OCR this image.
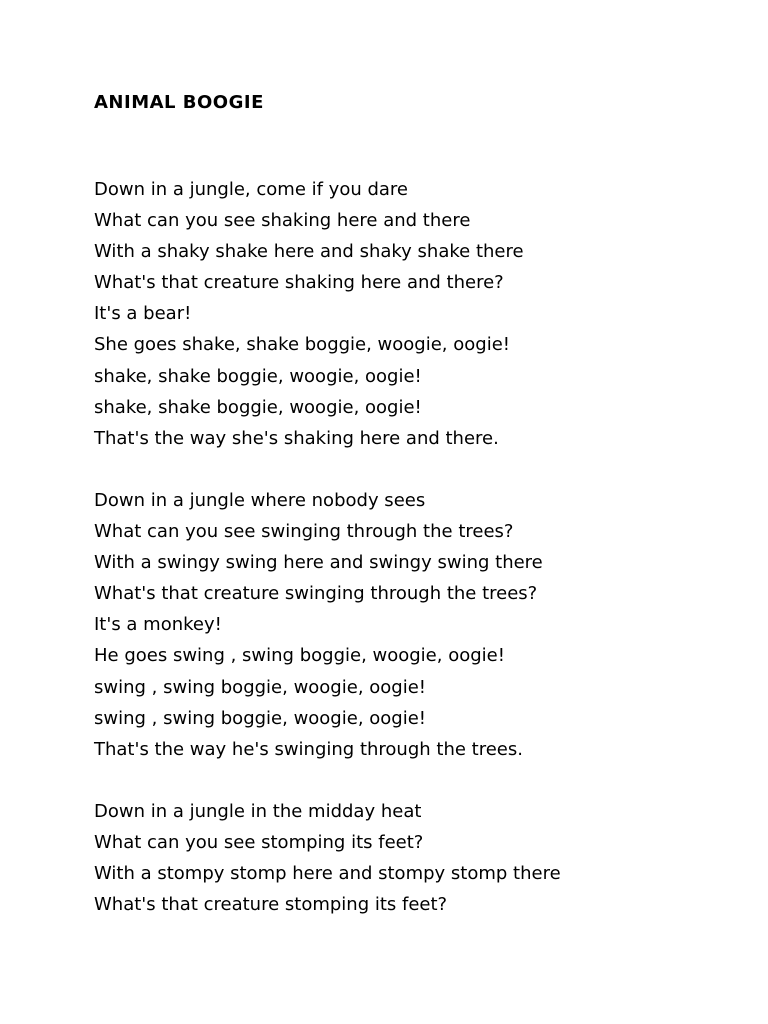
ANIMAL BOOGIE
Down in a jungle, come if you dare
What can you see shaking here and there
With a shaky shake here and shaky shake there
What's that creature shaking here and there?
It's a bear!
She goes shake, shake boggie, woogie, oogie!
shake, shake boggie, woogie, oogie!
shake, shake boggie, woogie, oogie!
That's the way she's shaking here and there.
Down in a jungle where nobody sees
What can you see swinging through the trees?
With a swingy swing here and swingy swing there
What's that creature swinging through the trees?
It's a monkey!
He goes swing , swing boggie, woogie, oogie!
swing , swing boggie, woogie, oogie!
swing , swing boggie, woogie, oogie!
That's the way he's swinging through the trees.
Down in a jungle in the midday heat
What can you see stomping its feet?
With a stompy stomp here and stompy stomp there
What's that creature stomping its feet?
